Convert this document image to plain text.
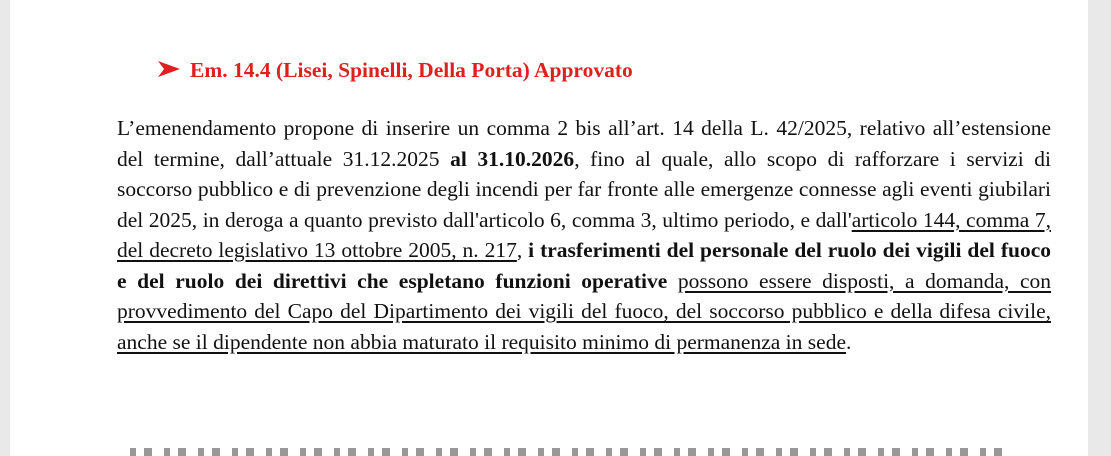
Em. 14.4 (Lisei, Spinelli, Della Porta) Approvato

L’emenendamento propone di inserire un comma 2 bis all’art. 14 della L. 42/2025, relativo all’estensione del termine, dall’attuale 31.12.2025 al 31.10.2026, fino al quale, allo scopo di rafforzare i servizi di soccorso pubblico e di prevenzione degli incendi per far fronte alle emergenze connesse agli eventi giubilari del 2025, in deroga a quanto previsto dall'articolo 6, comma 3, ultimo periodo, e dall'articolo 144, comma 7, del decreto legislativo 13 ottobre 2005, n. 217, i trasferimenti del personale del ruolo dei vigili del fuoco e del ruolo dei direttivi che espletano funzioni operative possono essere disposti, a domanda, con provvedimento del Capo del Dipartimento dei vigili del fuoco, del soccorso pubblico e della difesa civile, anche se il dipendente non abbia maturato il requisito minimo di permanenza in sede.
